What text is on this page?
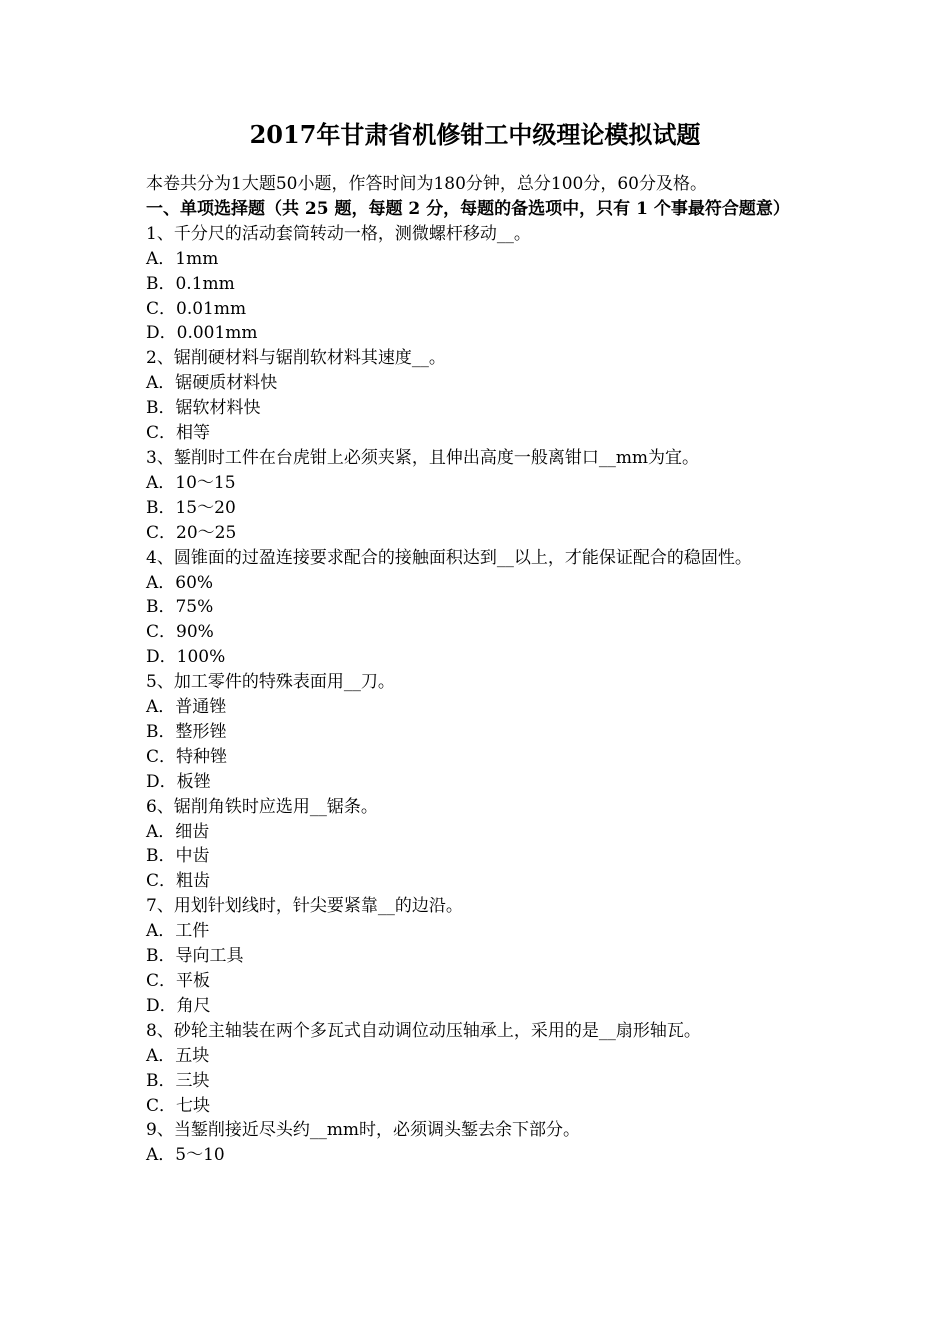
2017年甘肃省机修钳工中级理论模拟试题

本卷共分为1大题50小题，作答时间为180分钟，总分100分，60分及格。

一、单项选择题（共 25 题，每题 2 分，每题的备选项中，只有 1 个事最符合题意）

1、千分尺的活动套筒转动一格，测微螺杆移动__。

A．1mm

B．0.1mm

C．0.01mm

D．0.001mm

2、锯削硬材料与锯削软材料其速度__。

A．锯硬质材料快

B．锯软材料快

C．相等

3、錾削时工件在台虎钳上必须夹紧，且伸出高度一般离钳口__mm为宜。

A．10～15

B．15～20

C．20～25

4、圆锥面的过盈连接要求配合的接触面积达到__以上，才能保证配合的稳固性。

A．60%

B．75%

C．90%

D．100%

5、加工零件的特殊表面用__刀。

A．普通锉

B．整形锉

C．特种锉

D．板锉

6、锯削角铁时应选用__锯条。

A．细齿

B．中齿

C．粗齿

7、用划针划线时，针尖要紧靠__的边沿。

A．工件

B．导向工具

C．平板

D．角尺

8、砂轮主轴装在两个多瓦式自动调位动压轴承上，采用的是__扇形轴瓦。

A．五块

B．三块

C．七块

9、当錾削接近尽头约__mm时，必须调头錾去余下部分。

A．5～10
